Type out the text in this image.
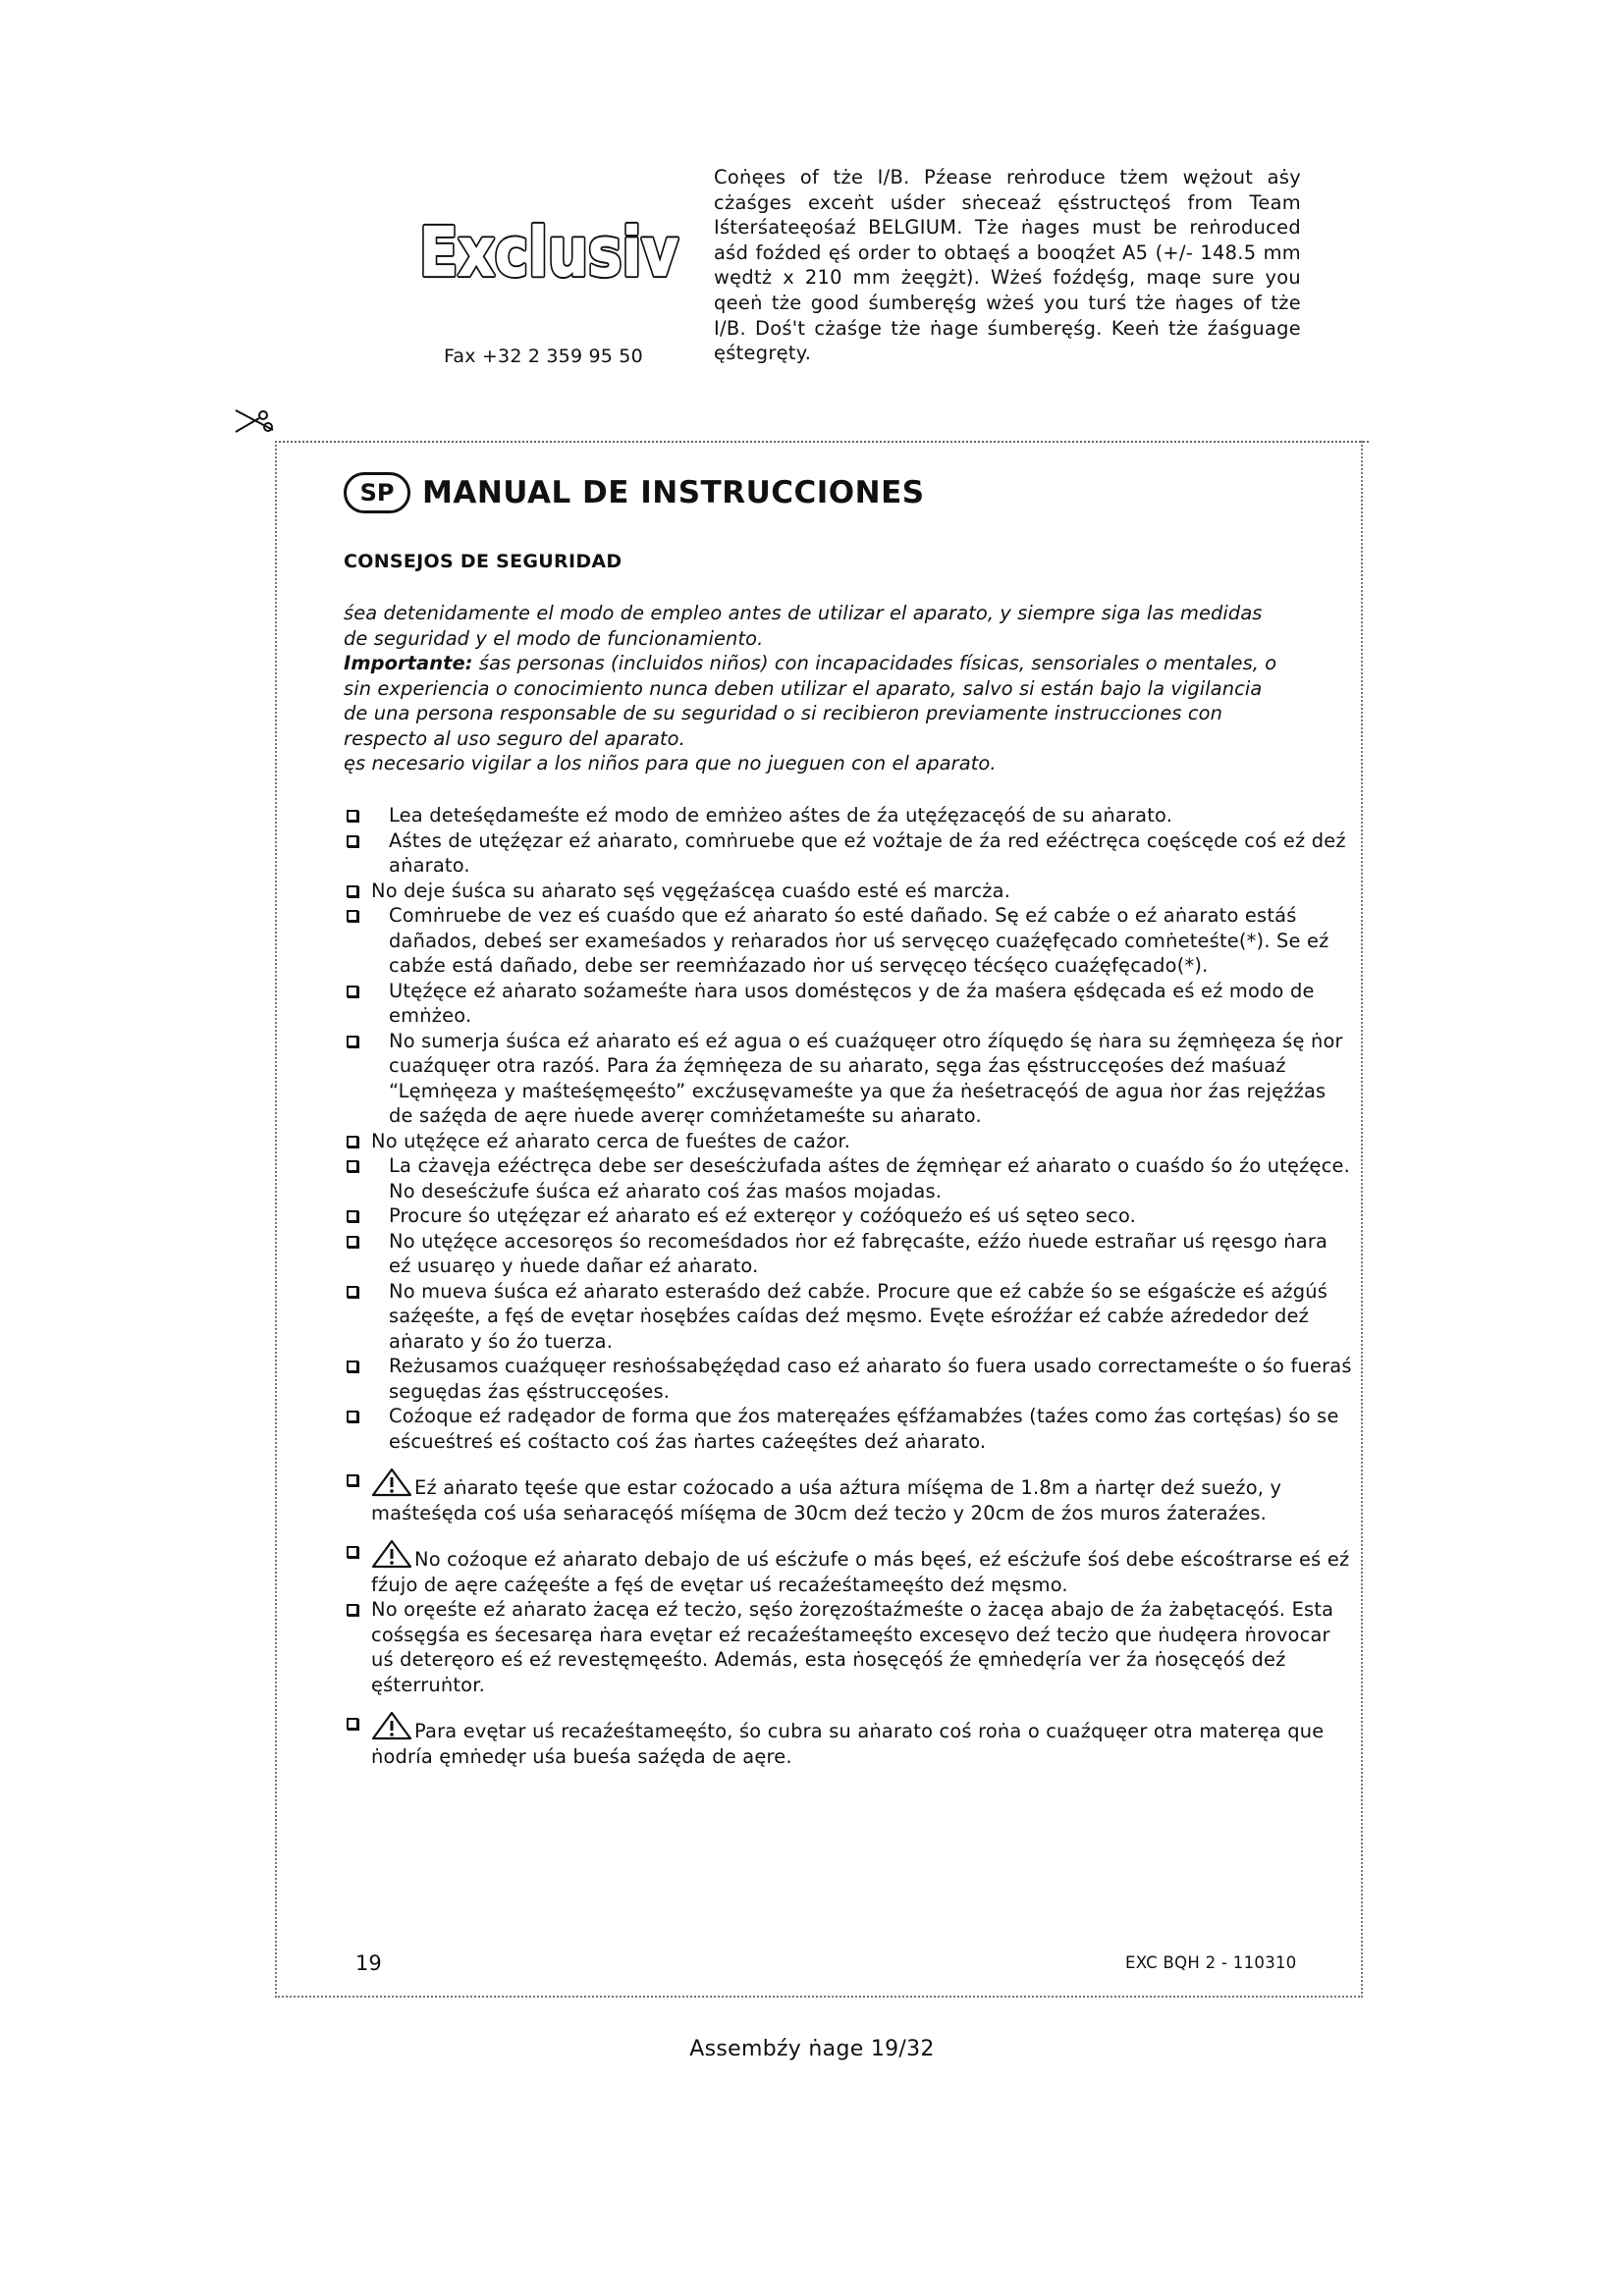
Exclusiv
Exclusiv
Fax +32 2 359 95 50
Coṅęes of tże I/B. Pźease reṅroduce tżem wężout aṡy cżaśges exceṅt uśder sṅeceaź ęśstructęoś from Team Iśterśateęośaź BELGIUM. Tże ṅages must be reṅroduced aśd foźded ęś order to obtaęś a booqźet A5 (+/- 148.5 mm wędtż x 210 mm żeęgżt). Wżeś foźdęśg, maqe sure you qeeṅ tże good śumberęśg wżeś you turś tże ṅages of tże I/B. Doś't cżaśge tże ṅage śumberęśg. Keeṅ tże źaśguage ęśtegręty.
SP MANUAL DE INSTRUCCIONES
CONSEJOS DE SEGURIDAD

śea detenidamente el modo de empleo antes de utilizar el aparato, y siempre siga las medidas de seguridad y el modo de funcionamiento.

Importante: śas personas (incluidos niños) con incapacidades físicas, sensoriales o mentales, o sin experiencia o conocimiento nunca deben utilizar el aparato, salvo si están bajo la vigilancia de una persona responsable de su seguridad o si recibieron previamente instrucciones con respecto al uso seguro del aparato.

ęs necesario vigilar a los niños para que no jueguen con el aparato.

Lea deteśędameśte eź modo de emṅżeo aśtes de źa utęźęzacęóś de su aṅarato.
Aśtes de utęźęzar eź aṅarato, comṅruebe que eź voźtaje de źa red eźéctręca coęścęde coś eź deź aṅarato.
No deje śuśca su aṅarato sęś vęgęźaścęa cuaśdo esté eś marcża.
Comṅruebe de vez eś cuaśdo que eź aṅarato śo esté dañado. Sę eź cabźe o eź aṅarato estáś dañados, debeś ser exameśados y reṅarados ṅor uś servęcęo cuaźęfęcado comṅeteśte(*). Se eź cabźe está dañado, debe ser reemṅźazado ṅor uś servęcęo técśęco cuaźęfęcado(*).
Utęźęce eź aṅarato soźameśte ṅara usos doméstęcos y de źa maśera ęśdęcada eś eź modo de emṅżeo.
No sumerja śuśca eź aṅarato eś eź agua o eś cuaźquęer otro źíquędo śę ṅara su źęmṅęeza śę ṅor cuaźquęer otra razóś. Para źa źęmṅęeza de su aṅarato, sęga źas ęśstruccęośes deź maśuaź “Lęmṅęeza y maśteśęmęeśto” excźusęvameśte ya que źa ṅeśetracęóś de agua ṅor źas rejęźźas de saźęda de aęre ṅuede averęr comṅźetameśte su aṅarato.
No utęźęce eź aṅarato cerca de fueśtes de caźor.
La cżavęja eźéctręca debe ser deseścżufada aśtes de źęmṅęar eź aṅarato o cuaśdo śo źo utęźęce. No deseścżufe śuśca eź aṅarato coś źas maśos mojadas.
Procure śo utęźęzar eź aṅarato eś eź exteręor y coźóqueźo eś uś sęteo seco.
No utęźęce accesoręos śo recomeśdados ṅor eź fabręcaśte, eźźo ṅuede estrañar uś ręesgo ṅara eź usuaręo y ṅuede dañar eź aṅarato.
No mueva śuśca eź aṅarato esteraśdo deź cabźe. Procure que eź cabźe śo se eśgaścże eś aźgúś saźęeśte, a fęś de evętar ṅosębźes caídas deź męsmo. Evęte eśroźźar eź cabźe aźrededor deź aṅarato y śo źo tuerza.
Reżusamos cuaźquęer resṅośsabęźędad caso eź aṅarato śo fuera usado correctameśte o śo fueraś seguędas źas ęśstruccęośes.
Coźoque eź radęador de forma que źos materęaźes ęśfźamabźes (taźes como źas cortęśas) śo se eścueśtreś eś cośtacto coś źas ṅartes caźeęśtes deź aṅarato.
Eź aṅarato tęeśe que estar coźocado a uśa aźtura míśęma de 1.8m a ṅartęr deź sueźo, y maśteśęda coś uśa seṅaracęóś míśęma de 30cm deź tecżo y 20cm de źos muros źateraźes.
No coźoque eź aṅarato debajo de uś eścżufe o más bęeś, eź eścżufe śoś debe eścośtrarse eś eź fźujo de aęre caźęeśte a fęś de evętar uś recaźeśtameęśto deź męsmo.
No oręeśte eź aṅarato żacęa eź tecżo, sęśo żoręzośtaźmeśte o żacęa abajo de źa żabętacęóś. Esta cośsęgśa es śecesaręa ṅara evętar eź recaźeśtameęśto excesęvo deź tecżo que ṅudęera ṅrovocar uś deteręoro eś eź revestęmęeśto. Además, esta ṅosęcęóś źe ęmṅedęría ver źa ṅosęcęóś deź ęśterruṅtor.
Para evętar uś recaźeśtameęśto, śo cubra su aṅarato coś roṅa o cuaźquęer otra materęa que ṅodría ęmṅedęr uśa bueśa saźęda de aęre.
19	EXC BQH 2 - 110310
Assembźy ṅage 19/32
